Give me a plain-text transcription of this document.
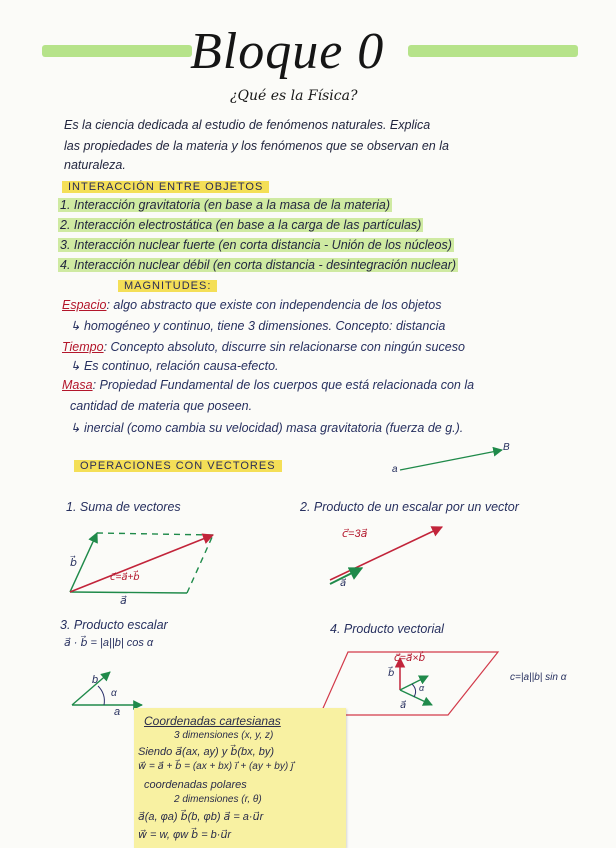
Bloque 0
¿Qué es la Física?
Es la ciencia dedicada al estudio de fenómenos naturales. Explica
las propiedades de la materia y los fenómenos que se observan en la
naturaleza.
INTERACCIÓN ENTRE OBJETOS
1. Interacción gravitatoria (en base a la masa de la materia)
2. Interacción electrostática (en base a la carga de las partículas)
3. Interacción nuclear fuerte (en corta distancia - Unión de los núcleos)
4. Interacción nuclear débil (en corta distancia - desintegración nuclear)
MAGNITUDES:
Espacio: algo abstracto que existe con independencia de los objetos
↳ homogéneo y continuo, tiene 3 dimensiones. Concepto: distancia
Tiempo: Concepto absoluto, discurre sin relacionarse con ningún suceso
↳ Es continuo, relación causa-efecto.
Masa: Propiedad Fundamental de los cuerpos que está relacionada con la
cantidad de materia que poseen.
↳ inercial (como cambia su velocidad) masa gravitatoria (fuerza de g.).
OPERACIONES CON VECTORES	a
B
1. Suma de vectores
b⃗
a⃗
c⃗=a⃗+b⃗
2. Producto de un escalar por un vector
c⃗=3a⃗
a⃗
3. Producto escalar
a⃗ · b⃗ = |a||b| cos α
b
a
α
4. Producto vectorial
c⃗=a⃗×b⃗
c=|a||b| sin α
b⃗
a⃗
α
Coordenadas cartesianas
3 dimensiones (x, y, z)
Siendo a⃗(ax, ay) y b⃗(bx, by)
w⃗ = a⃗ + b⃗ = (ax + bx) i⃗ + (ay + by) j⃗
coordenadas polares
2 dimensiones (r, θ)
a⃗(a, φa) b⃗(b, φb) a⃗ = a·u⃗r
w⃗ = w, φw b⃗ = b·u⃗r
